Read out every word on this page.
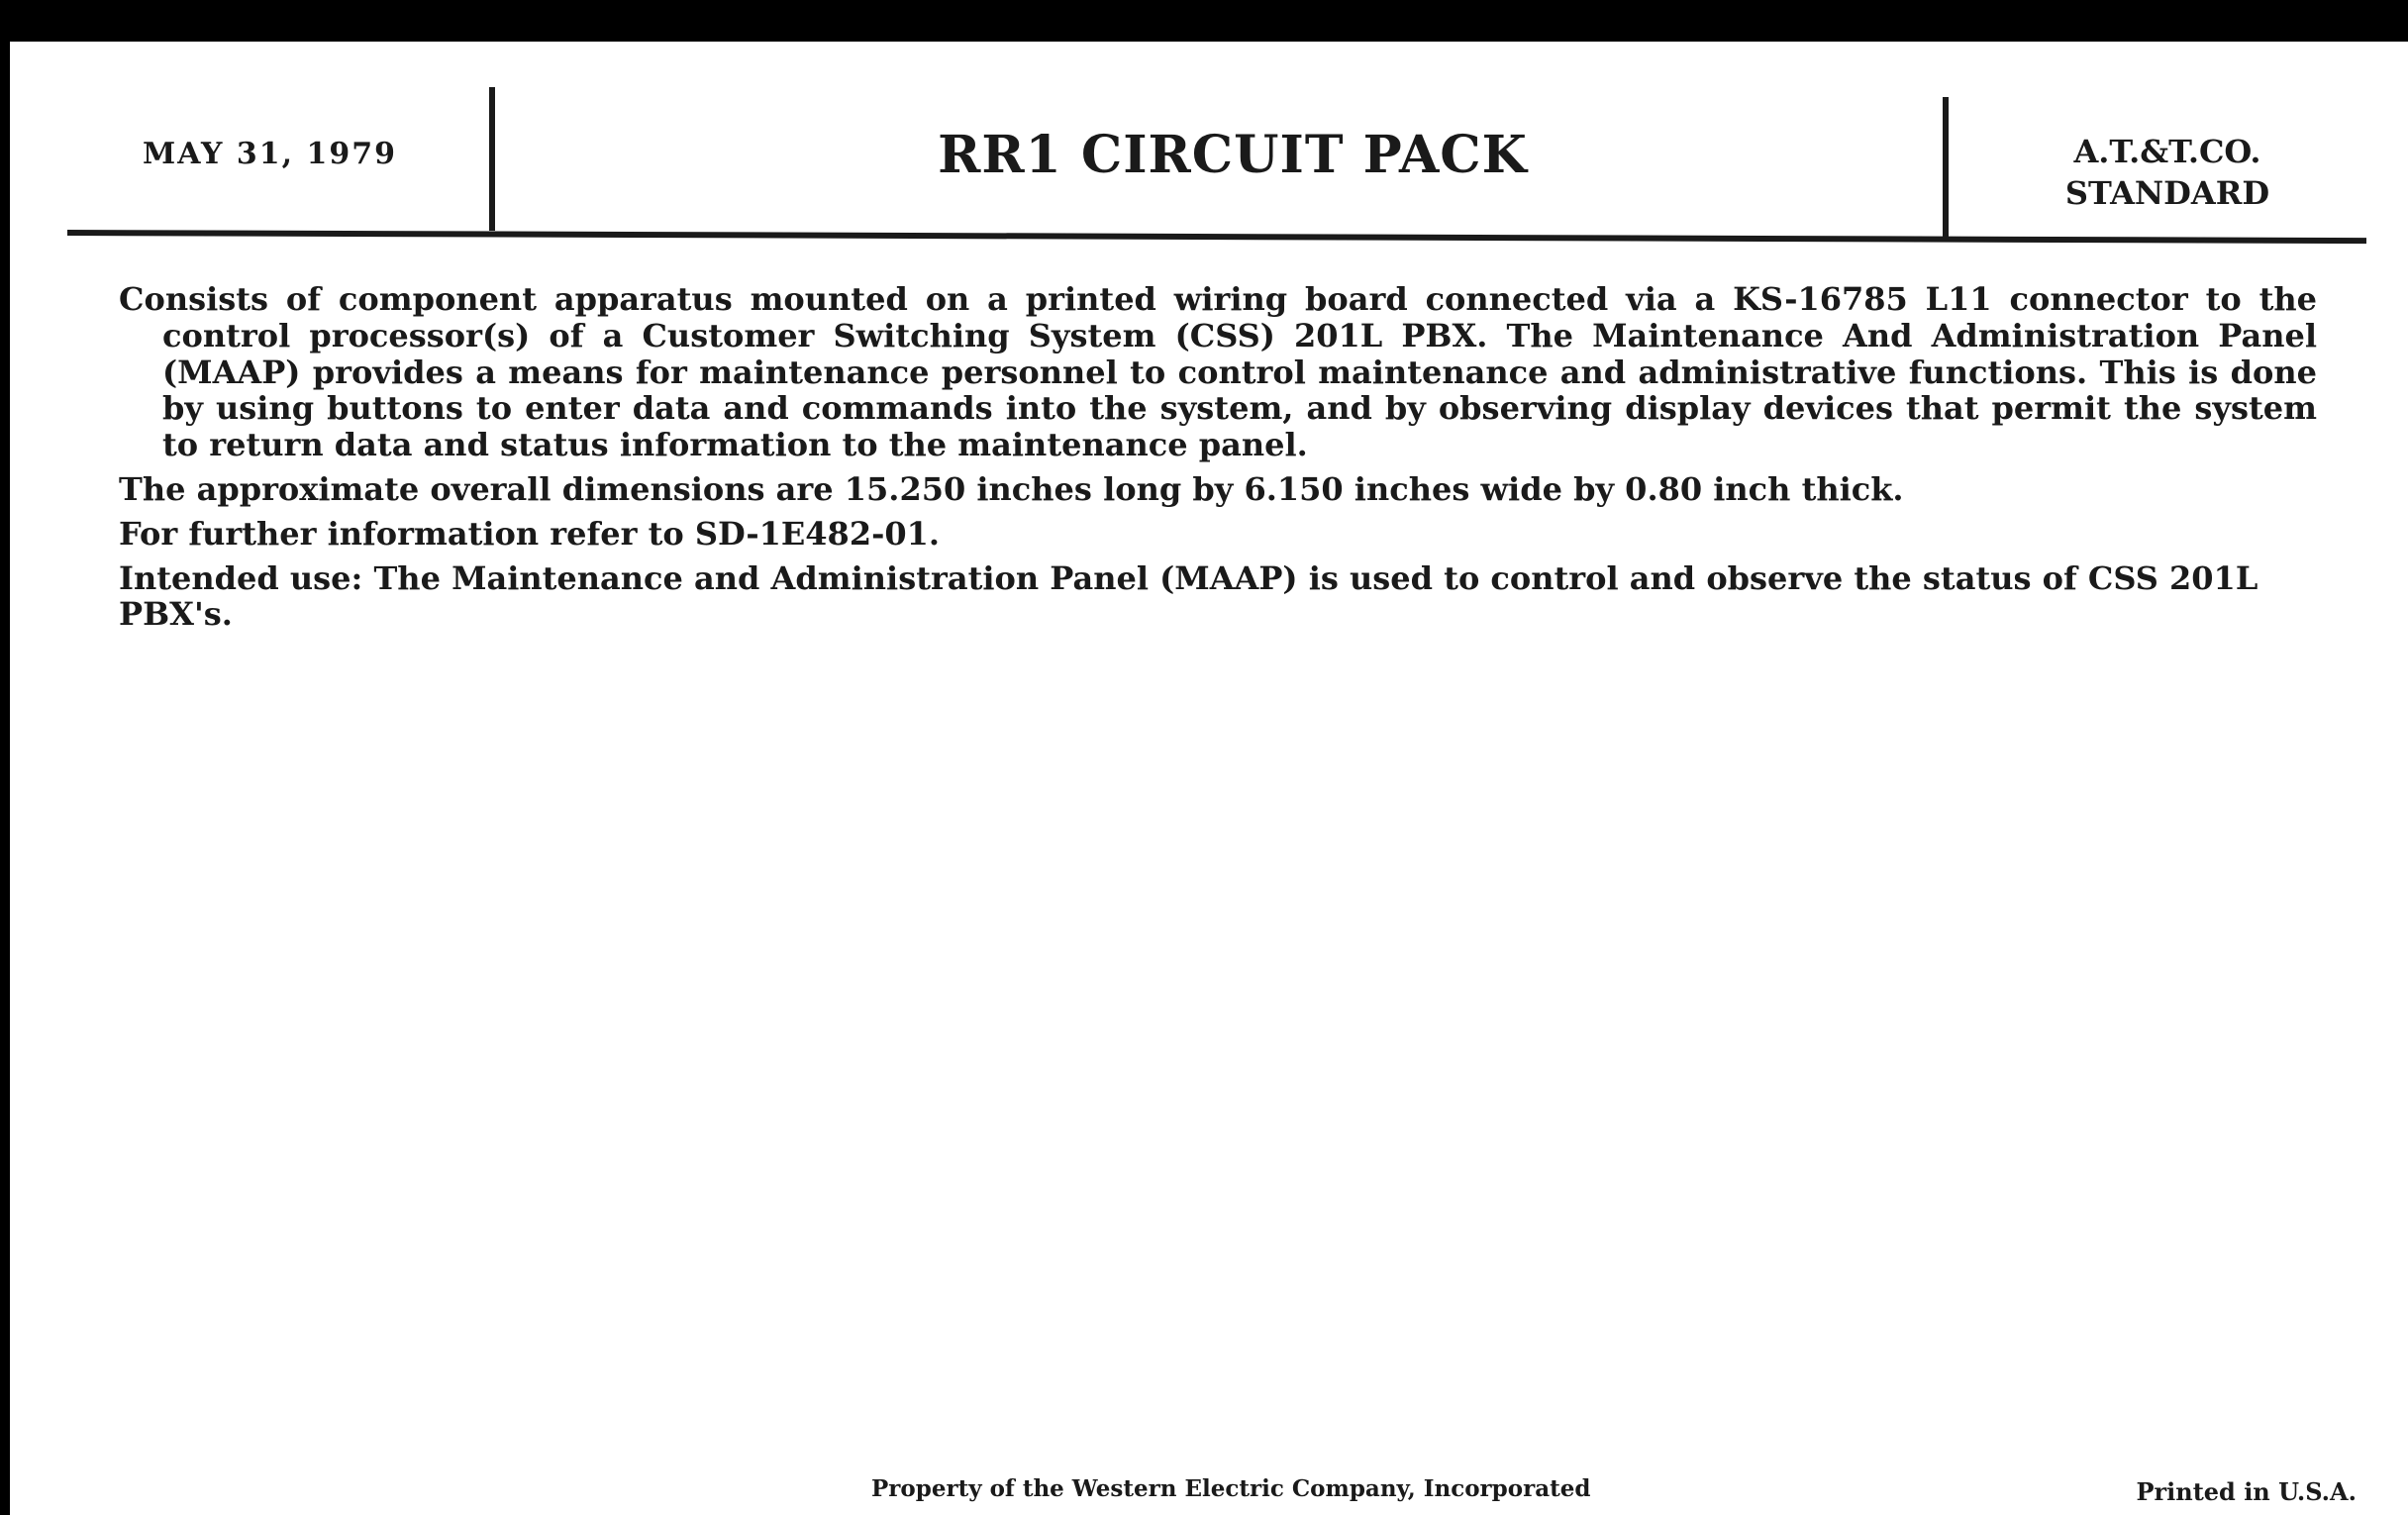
MAY 31, 1979	RR1 CIRCUIT PACK	A.T.&T.CO.
STANDARD

Consists of component apparatus mounted on a printed wiring board connected via a KS-16785 L11 connector to the control processor(s) of a Customer Switching System (CSS) 201L PBX. The Maintenance And Administration Panel (MAAP) provides a means for maintenance personnel to control maintenance and administrative functions. This is done by using buttons to enter data and commands into the system, and by observing display devices that permit the system to return data and status information to the maintenance panel.

The approximate overall dimensions are 15.250 inches long by 6.150 inches wide by 0.80 inch thick.

For further information refer to SD-1E482-01.

Intended use: The Maintenance and Administration Panel (MAAP) is used to control and observe the status of CSS 201L PBX's.

Property of the Western Electric Company, Incorporated	Printed in U.S.A.
